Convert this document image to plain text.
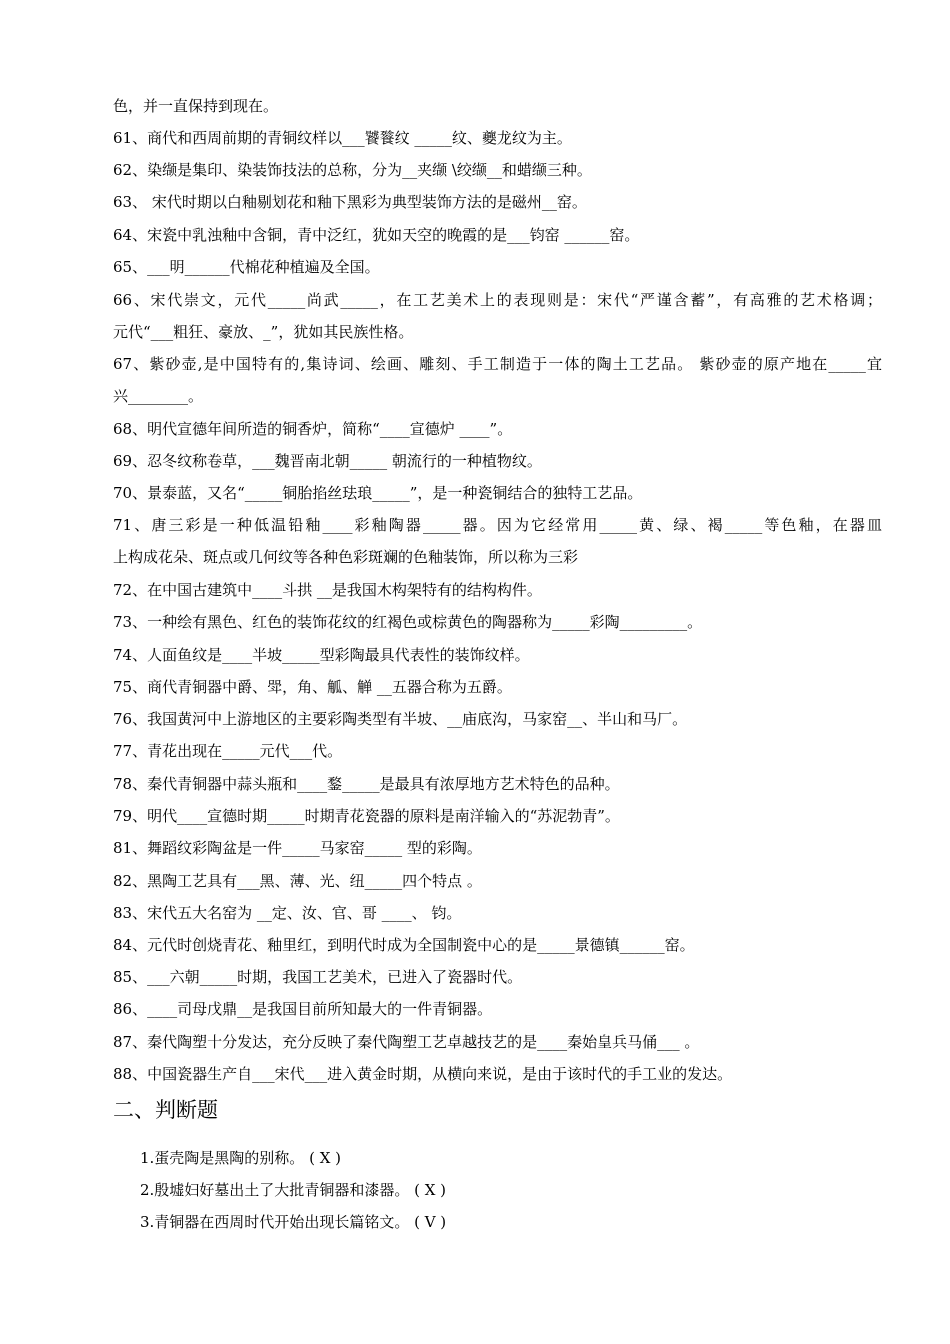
色，并一直保持到现在。
61、商代和西周前期的青铜纹样以___饕餮纹 _____纹、夔龙纹为主。
62、染缬是集印、染装饰技法的总称，分为__夹缬 \绞缬__和蜡缬三种。
63、 宋代时期以白釉剔划花和釉下黑彩为典型装饰方法的是磁州__窑。
64、宋瓷中乳浊釉中含铜，青中泛红，犹如天空的晚霞的是___钧窑 ______窑。
65、___明______代棉花种植遍及全国。
66、宋代崇文，元代_____尚武_____，在工艺美术上的表现则是：宋代“严谨含蓄”，有高雅的艺术格调；
元代“___粗狂、豪放、_”，犹如其民族性格。
67、紫砂壶,是中国特有的,集诗词、绘画、雕刻、手工制造于一体的陶土工艺品。 紫砂壶的原产地在_____宜
兴________。
68、明代宣德年间所造的铜香炉，简称“____宣德炉 ____”。
69、忍冬纹称卷草，___魏晋南北朝_____ 朝流行的一种植物纹。
70、景泰蓝，又名“_____铜胎掐丝珐琅_____”，是一种瓷铜结合的独特工艺品。
71、唐三彩是一种低温铅釉____彩釉陶器_____器。因为它经常用_____黄、绿、褐_____等色釉，在器皿
上构成花朵、斑点或几何纹等各种色彩斑斓的色釉装饰，所以称为三彩
72、在中国古建筑中____斗拱 __是我国木构架特有的结构构件。
73、一种绘有黑色、红色的装饰花纹的红褐色或棕黄色的陶器称为_____彩陶_________。
74、人面鱼纹是____半坡_____型彩陶最具代表性的装饰纹样。
75、商代青铜器中爵、斝，角、觚、觯 __五器合称为五爵。
76、我国黄河中上游地区的主要彩陶类型有半坡、__庙底沟，马家窑__、半山和马厂。
77、青花出现在_____元代___代。
78、秦代青铜器中蒜头瓶和____鍪_____是最具有浓厚地方艺术特色的品种。
79、明代____宣德时期_____时期青花瓷器的原料是南洋输入的“苏泥勃青”。
81、舞蹈纹彩陶盆是一件_____马家窑_____ 型的彩陶。
82、黑陶工艺具有___黑、薄、光、纽_____四个特点 。
83、宋代五大名窑为 __定、汝、官、哥 ____、 钧。
84、元代时创烧青花、釉里红，到明代时成为全国制瓷中心的是_____景德镇______窑。
85、___六朝_____时期，我国工艺美术，已进入了瓷器时代。
86、____司母戊鼎__是我国目前所知最大的一件青铜器。
87、秦代陶塑十分发达，充分反映了秦代陶塑工艺卓越技艺的是____秦始皇兵马俑___ 。
88、中国瓷器生产自___宋代___进入黄金时期，从横向来说，是由于该时代的手工业的发达。
二、判断题
1.蛋壳陶是黑陶的别称。 ( X )
2.殷墟妇好墓出土了大批青铜器和漆器。 ( X )
3.青铜器在西周时代开始出现长篇铭文。 ( V )
